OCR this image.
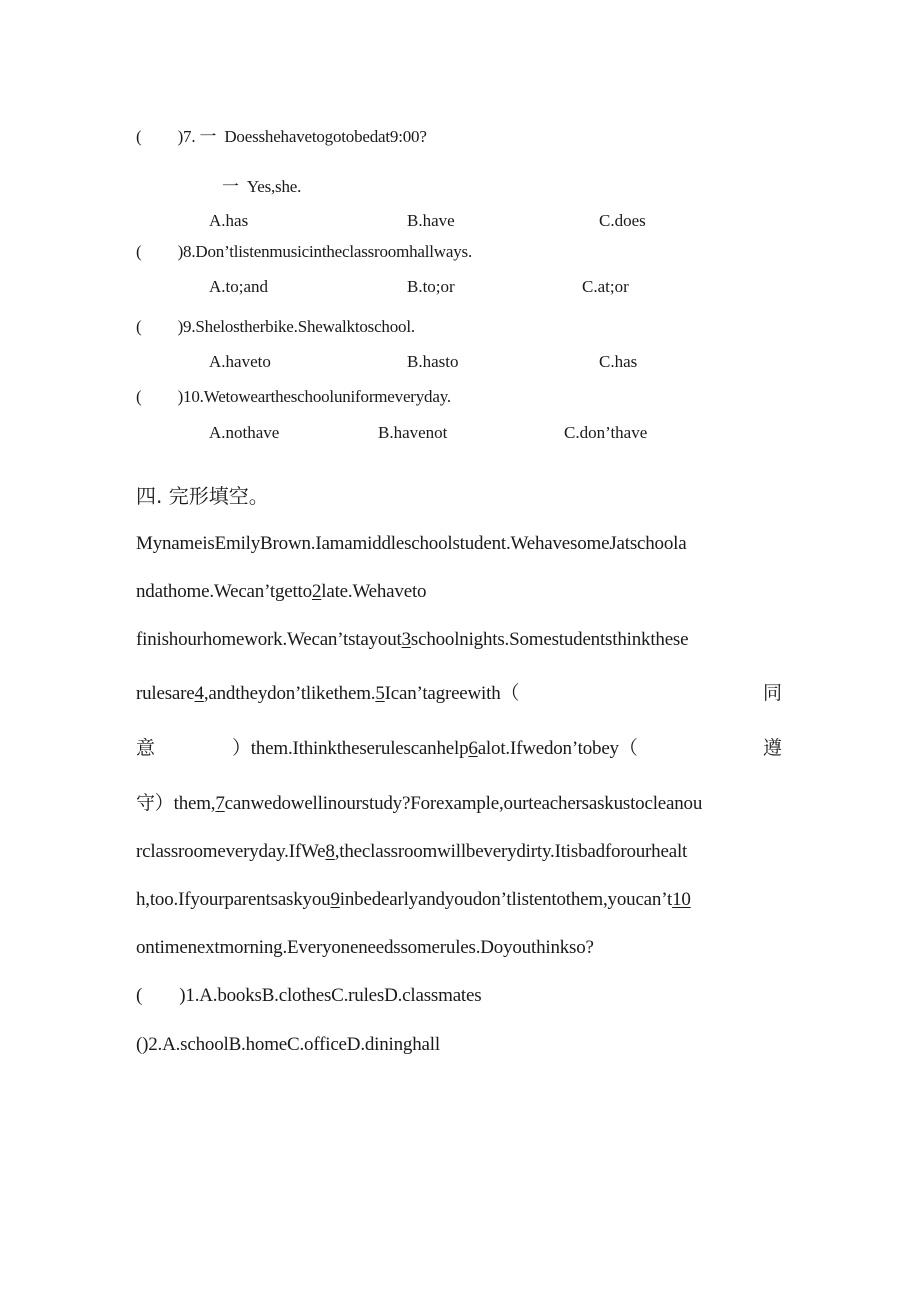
( )7. 一 Doesshehavetogotobedat9:00?
一 Yes,she.
A.has	B.have	C.does
( )8.Don’tlistenmusicintheclassroomhallways.
A.to;and	B.to;or	C.at;or
( )9.Shelostherbike.Shewalktoschool.
A.haveto	B.hasto	C.has
( )10.Wetoweartheschooluniformeveryday.
A.nothave	B.havenot	C.don’thave
四. 完形填空。
MynameisEmilyBrown.Iamamiddleschoolstudent.WehavesomeJatschoola
ndathome.Wecan’tgetto2late.Wehaveto
finishourhomework.Wecan’tstayout3schoolnights.Somestudentsthinkthese
rulesare4,andtheydon’tlikethem.5Ican’tagreewith（	同
意	）them.Ithinktheserulescanhelp6alot.Ifwedon’tobey（	遵
守）them,7canwedowellinourstudy?Forexample,ourteachersaskustocleanou
rclassroomeveryday.IfWe8,theclassroomwillbeverydirty.Itisbadforourhealt
h,too.Ifyourparentsaskyou9inbedearlyandyoudon’tlistentothem,youcan’t10
ontimenextmorning.Everyoneneedssomerules.Doyouthinkso?
( )1.A.booksB.clothesC.rulesD.classmates
()2.A.schoolB.homeC.officeD.dininghall
